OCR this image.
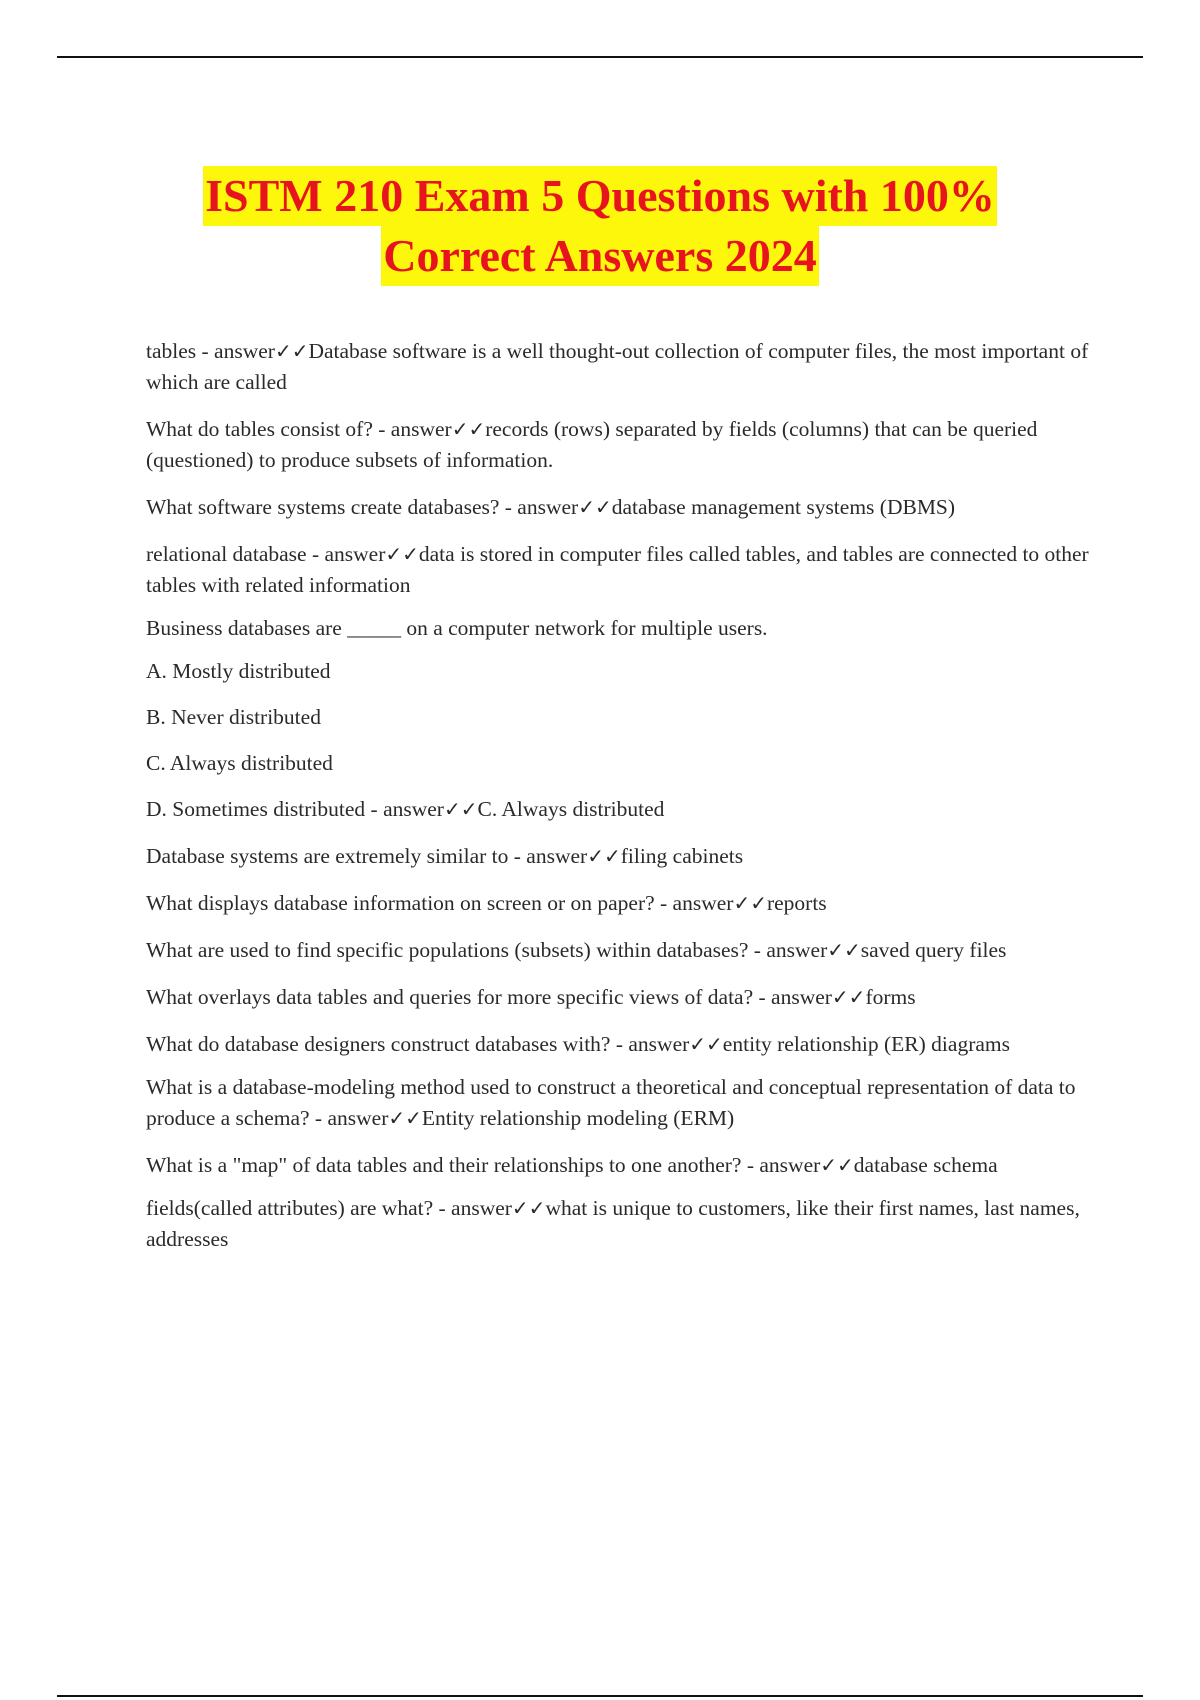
ISTM 210 Exam 5 Questions with 100%
Correct Answers 2024

tables - answer✓✓Database software is a well thought-out collection of computer files, the most important of which are called

What do tables consist of? - answer✓✓records (rows) separated by fields (columns) that can be queried (questioned) to produce subsets of information.

What software systems create databases? - answer✓✓database management systems (DBMS)

relational database - answer✓✓data is stored in computer files called tables, and tables are connected to other tables with related information

Business databases are _____ on a computer network for multiple users.

A. Mostly distributed

B. Never distributed

C. Always distributed

D. Sometimes distributed - answer✓✓C. Always distributed

Database systems are extremely similar to - answer✓✓filing cabinets

What displays database information on screen or on paper? - answer✓✓reports

What are used to find specific populations (subsets) within databases? - answer✓✓saved query files

What overlays data tables and queries for more specific views of data? - answer✓✓forms

What do database designers construct databases with? - answer✓✓entity relationship (ER) diagrams

What is a database-modeling method used to construct a theoretical and conceptual representation of data to produce a schema? - answer✓✓Entity relationship modeling (ERM)

What is a "map" of data tables and their relationships to one another? - answer✓✓database schema

fields(called attributes) are what? - answer✓✓what is unique to customers, like their first names, last names, addresses
